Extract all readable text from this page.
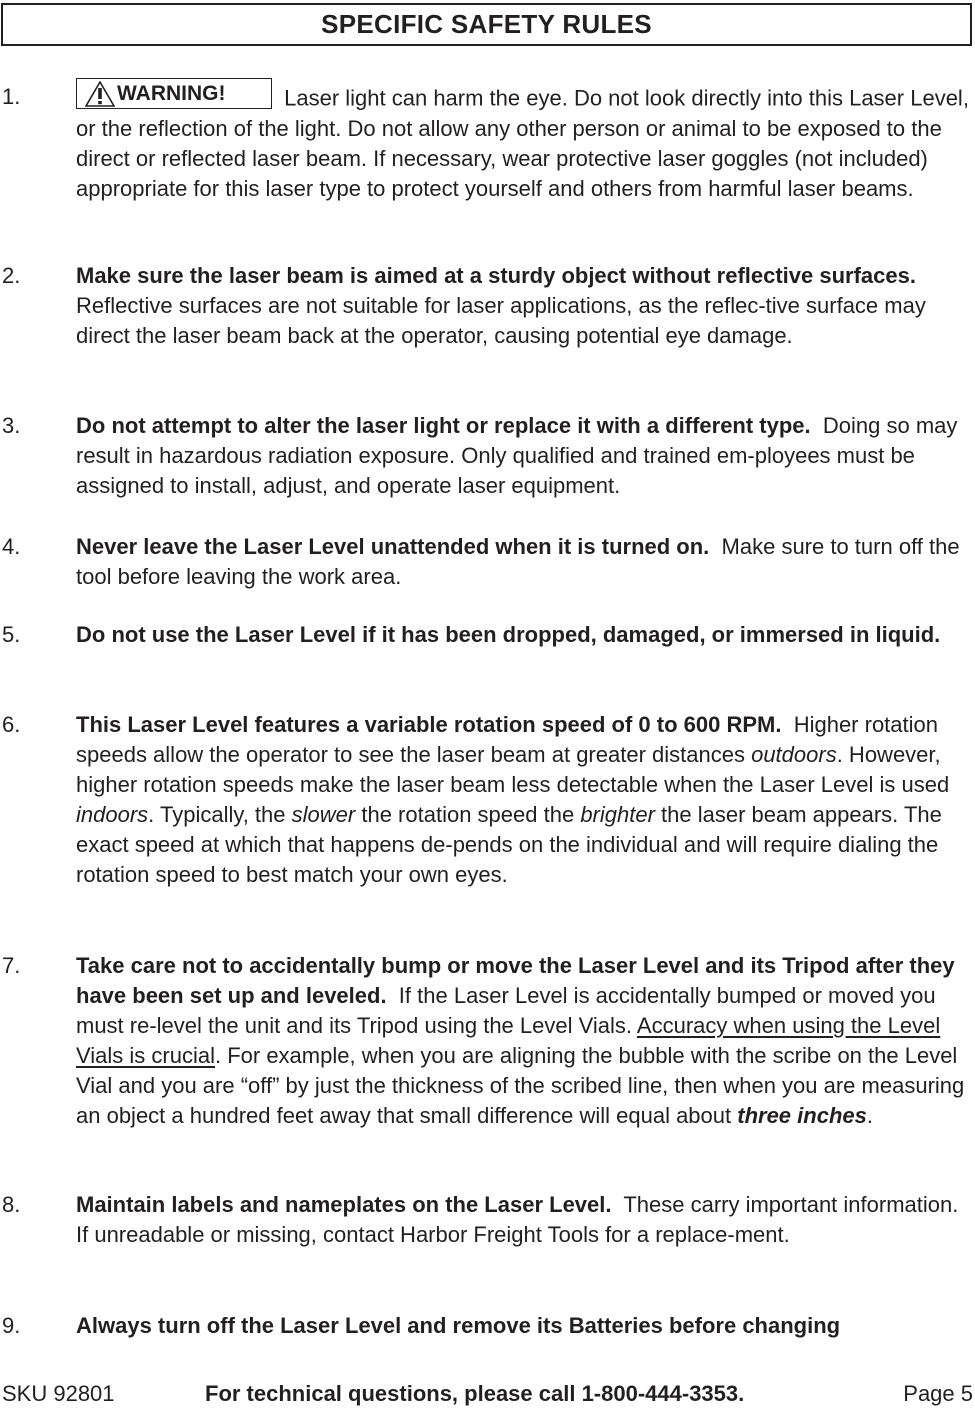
SPECIFIC SAFETY RULES
1.	WARNING!	Laser light can harm the eye. Do not look directly into this Laser Level, or the reflection of the light. Do not allow any other person or animal to be exposed to the direct or reflected laser beam. If necessary, wear protective laser goggles (not included) appropriate for this laser type to protect yourself and others from harmful laser beams.
2.	Make sure the laser beam is aimed at a sturdy object without reflective surfaces.  Reflective surfaces are not suitable for laser applications, as the reflec-tive surface may direct the laser beam back at the operator, causing potential eye damage.
3.	Do not attempt to alter the laser light or replace it with a different type. Doing so may result in hazardous radiation exposure. Only qualified and trained em-ployees must be assigned to install, adjust, and operate laser equipment.
4.	Never leave the Laser Level unattended when it is turned on. Make sure to turn off the tool before leaving the work area.
5.	Do not use the Laser Level if it has been dropped, damaged, or immersed in liquid.
6.	This Laser Level features a variable rotation speed of 0 to 600 RPM. Higher rotation speeds allow the operator to see the laser beam at greater distances outdoors. However, higher rotation speeds make the laser beam less detectable when the Laser Level is used indoors. Typically, the slower the rotation speed the brighter the laser beam appears. The exact speed at which that happens de-pends on the individual and will require dialing the rotation speed to best match your own eyes.
7.	Take care not to accidentally bump or move the Laser Level and its Tripod after they have been set up and leveled. If the Laser Level is accidentally bumped or moved you must re-level the unit and its Tripod using the Level Vials. Accuracy when using the Level Vials is crucial. For example, when you are aligning the bubble with the scribe on the Level Vial and you are “off” by just the thickness of the scribed line, then when you are measuring an object a hundred feet away that small difference will equal about three inches.
8.	Maintain labels and nameplates on the Laser Level. These carry important information. If unreadable or missing, contact Harbor Freight Tools for a replace-ment.
9.	Always turn off the Laser Level and remove its Batteries before changing
SKU 92801	For technical questions, please call 1-800-444-3353.	Page 5
